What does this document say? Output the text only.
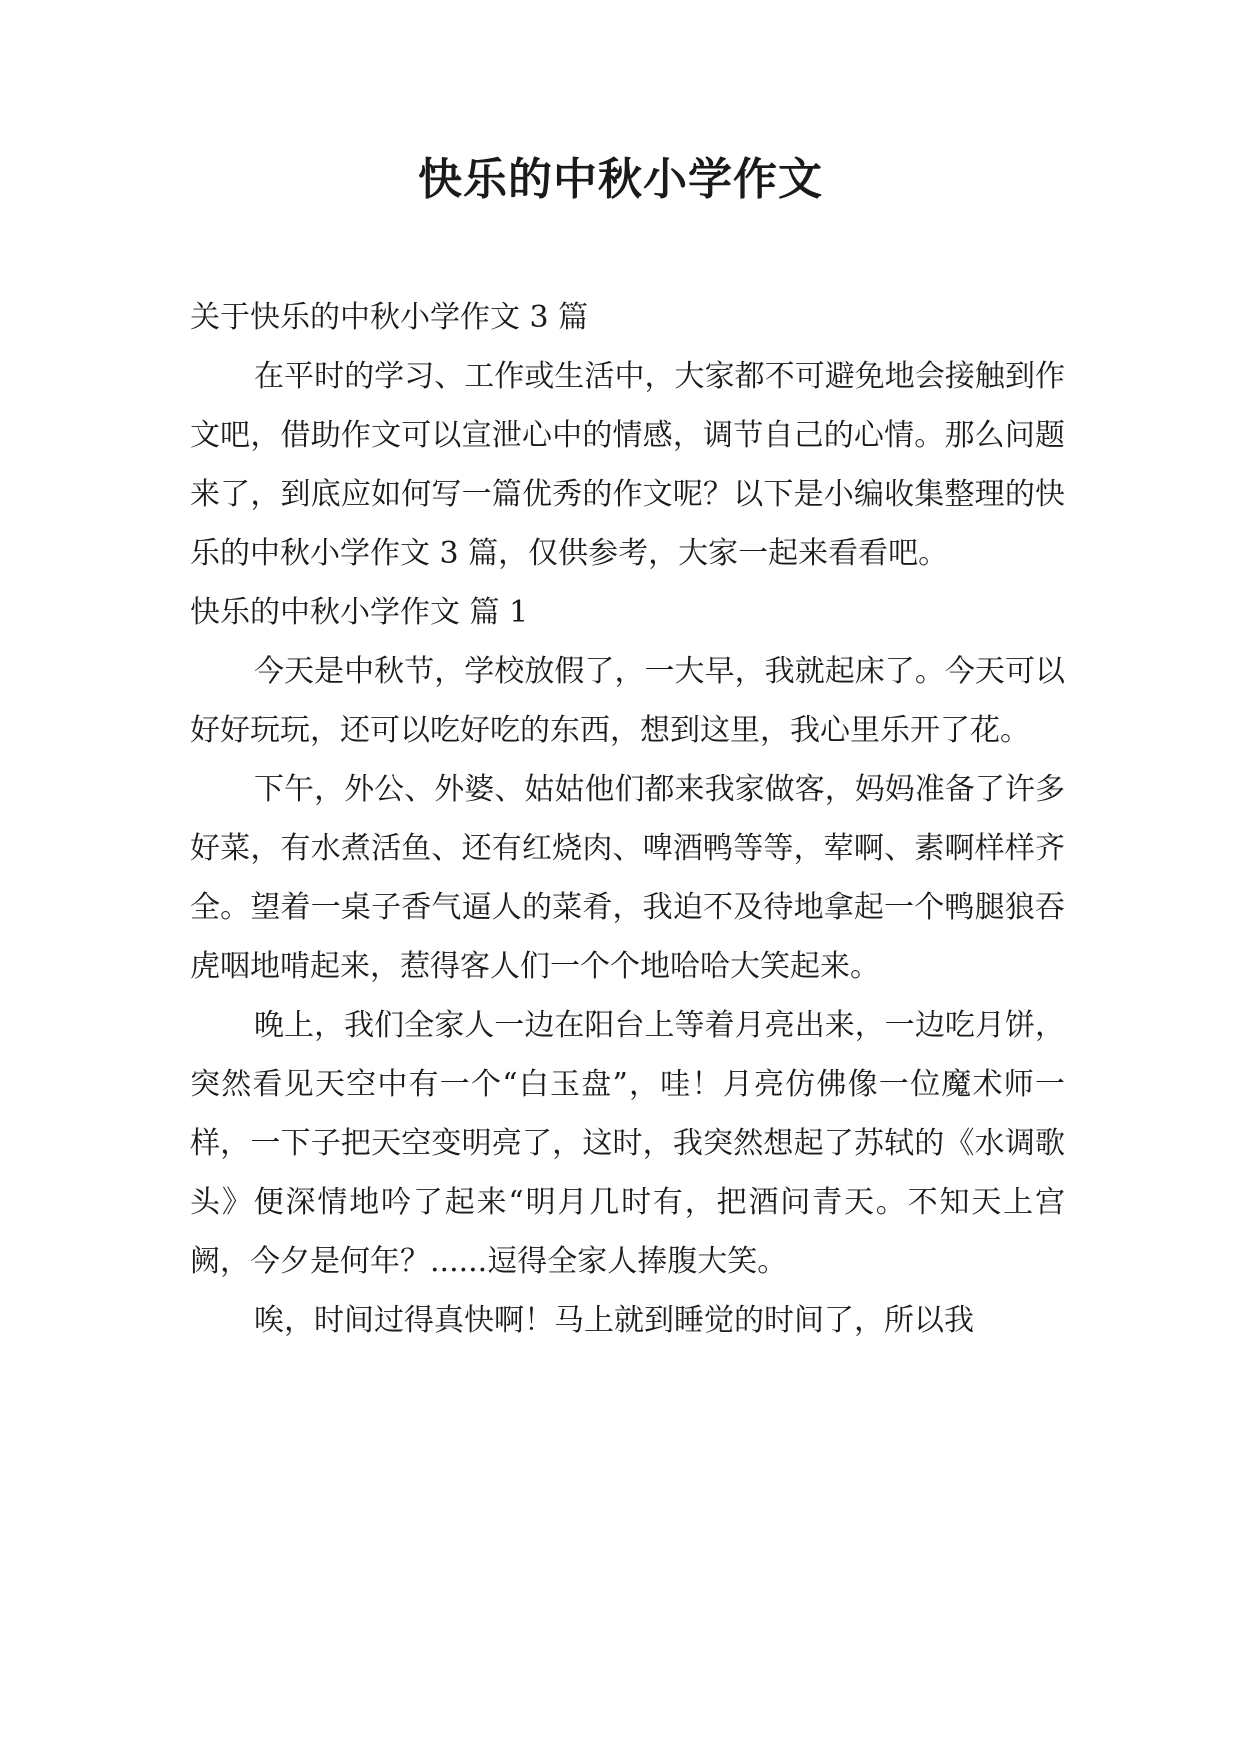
快乐的中秋小学作文

关于快乐的中秋小学作文 3 篇

在平时的学习、工作或生活中，大家都不可避免地会接触到作文吧，借助作文可以宣泄心中的情感，调节自己的心情。那么问题来了，到底应如何写一篇优秀的作文呢？以下是小编收集整理的快乐的中秋小学作文 3 篇，仅供参考，大家一起来看看吧。

快乐的中秋小学作文 篇 1

今天是中秋节，学校放假了，一大早，我就起床了。今天可以好好玩玩，还可以吃好吃的东西，想到这里，我心里乐开了花。

下午，外公、外婆、姑姑他们都来我家做客，妈妈准备了许多好菜，有水煮活鱼、还有红烧肉、啤酒鸭等等，荤啊、素啊样样齐全。望着一桌子香气逼人的菜肴，我迫不及待地拿起一个鸭腿狼吞虎咽地啃起来，惹得客人们一个个地哈哈大笑起来。

晚上，我们全家人一边在阳台上等着月亮出来，一边吃月饼，突然看见天空中有一个“白玉盘”，哇！月亮仿佛像一位魔术师一样，一下子把天空变明亮了，这时，我突然想起了苏轼的《水调歌头》便深情地吟了起来“明月几时有，把酒问青天。不知天上宫阙，今夕是何年？......逗得全家人捧腹大笑。

唉，时间过得真快啊！马上就到睡觉的时间了，所以我
